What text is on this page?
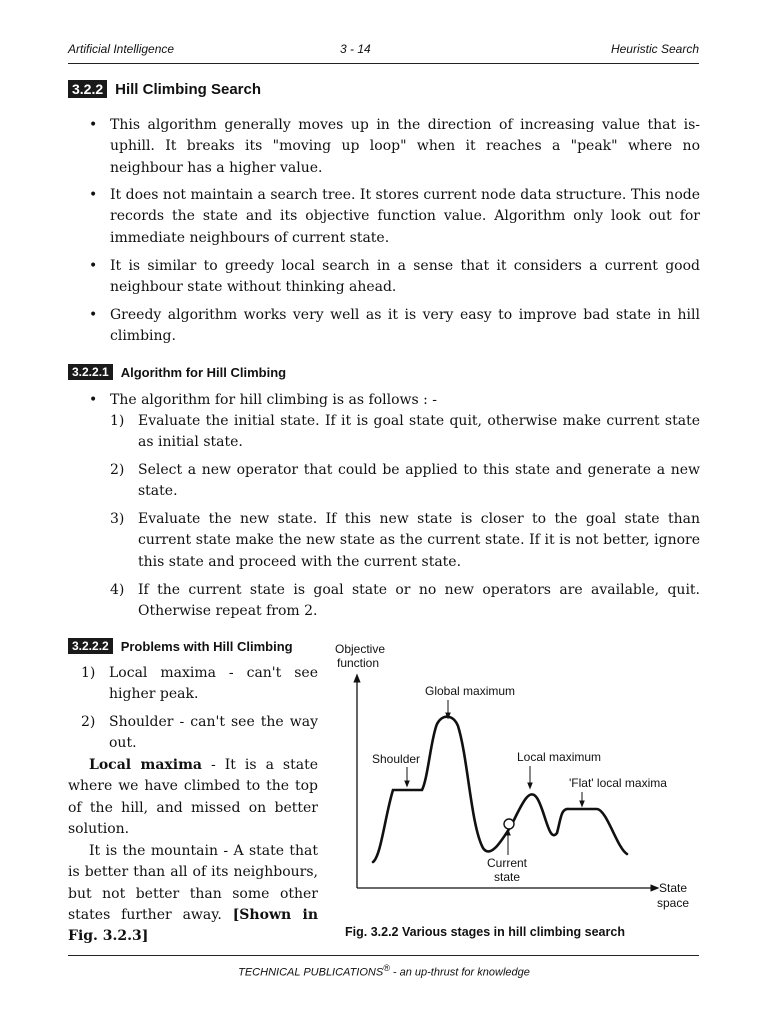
Artificial Intelligence	3 - 14	Heuristic Search
3.2.2 Hill Climbing Search
• This algorithm generally moves up in the direction of increasing value that is-uphill. It breaks its "moving up loop" when it reaches a "peak" where no neighbour has a higher value.

• It does not maintain a search tree. It stores current node data structure. This node records the state and its objective function value. Algorithm only look out for immediate neighbours of current state.

• It is similar to greedy local search in a sense that it considers a current good neighbour state without thinking ahead.

• Greedy algorithm works very well as it is very easy to improve bad state in hill climbing.

3.2.2.1 Algorithm for Hill Climbing
• The algorithm for hill climbing is as follows : -

1) Evaluate the initial state. If it is goal state quit, otherwise make current state as initial state.

2) Select a new operator that could be applied to this state and generate a new state.

3) Evaluate the new state. If this new state is closer to the goal state than current state make the new state as the current state. If it is not better, ignore this state and proceed with the current state.

4) If the current state is goal state or no new operators are available, quit. Otherwise repeat from 2.

3.2.2.2 Problems with Hill Climbing
1) Local maxima - can't see higher peak.

2) Shoulder - can't see the way out.

Local maxima - It is a state where we have climbed to the top of the hill, and missed on better solution.

It is the mountain - A state that is better than all of its neighbours, but not better than some other states further away. [Shown in Fig. 3.2.3]

Objective
function
State
space
Global maximum
Shoulder	Local maximum
'Flat' local maxima
Current
state
Fig. 3.2.2 Various stages in hill climbing search
TECHNICAL PUBLICATIONS® - an up-thrust for knowledge
